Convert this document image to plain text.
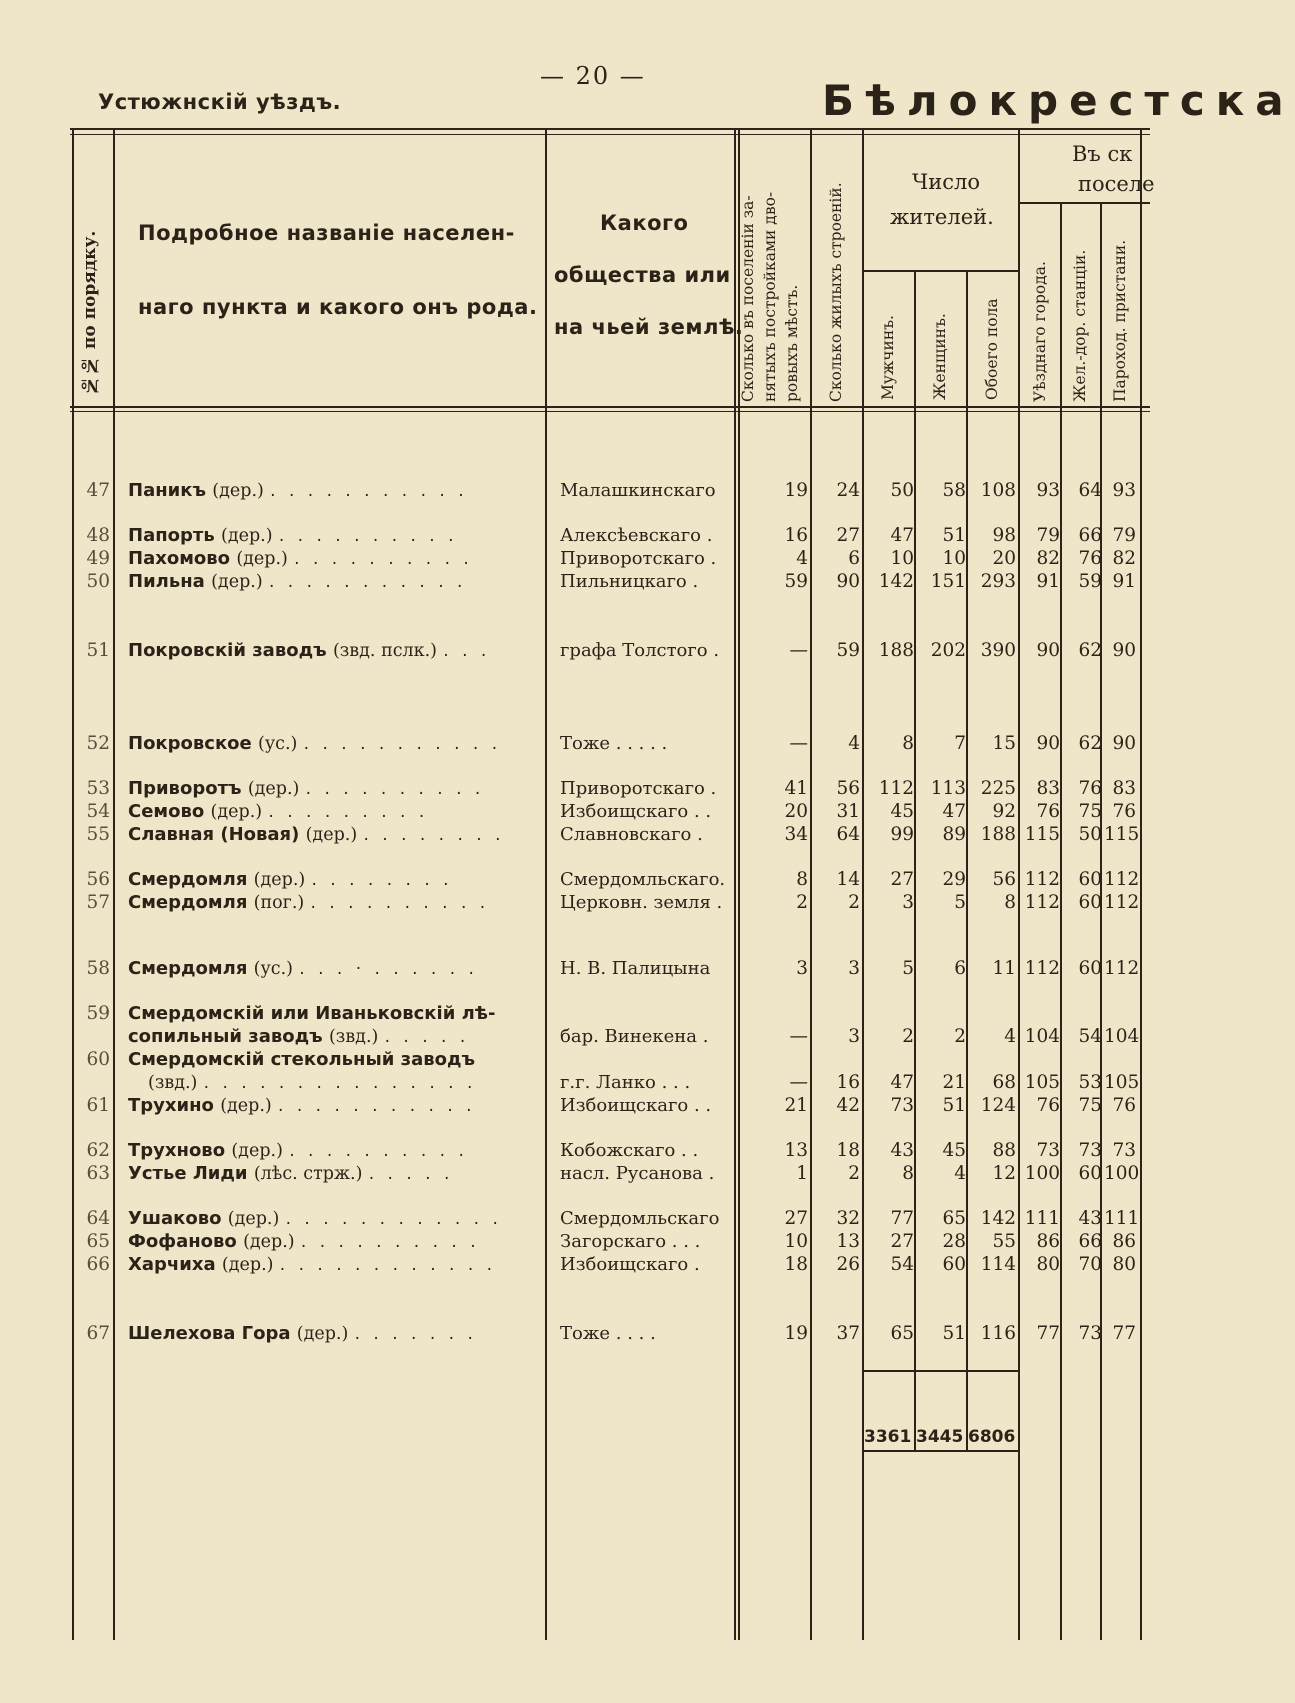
Устюжнскій уѣздъ.
— 20 —	Бѣлокрестска
№№ по порядку. Подробное названіе населен-
наго пункта и какого онъ рода.
Какого
общества или
на чьей землѣ.
Сколько въ поселеніи за- нятыхъ постройками дво- ровыхъ мѣстъ. Сколько жилыхъ строеній.
Число
жителей.
Мужчинъ. Женщинъ. Обоего пола
Въ ск
поселе
Уѣзднаго города. Жел.-дор. станціи. Пароход. пристани.
47 Паникъ (дер.) . . . . . . . . . . .	Малашкинскаго	19	24	50	58 108	93 64 93
48 Папорть (дер.) . . . . . . . . . .	Алексѣевскаго .	16	27	47	51	98	79 66 79
49 Пахомово (дер.) . . . . . . . . . .	Приворотскаго .	4	6	10	10	20	82 76 82
50 Пильна (дер.) . . . . . . . . . . .	Пильницкаго .	59	90	142 151 293	91 59 91
51 Покровскій заводъ (звд. пслк.) . . .	графа Толстого .	—	59	188 202 390	90 62 90
52 Покровское (ус.) . . . . . . . . . . .	Тоже . . . . .	—	4	8	7	15	90 62 90
53 Приворотъ (дер.) . . . . . . . . . .	Приворотскаго .	41	56	112 113 225	83 76 83
54 Семово (дер.) . . . . . . . . .	Избоищскаго . .	20	31	45	47	92	76 75 76
55 Славная (Новая) (дер.) . . . . . . . .	Славновскаго .	34	64	99	89 188 115 50 115
56 Смердомля (дер.) . . . . . . . .	Смердомльскаго.	8	14	27	29	56 112 60 112
57 Смердомля (пог.) . . . . . . . . . .	Церковн. земля .	2	2	3	5	8 112 60 112
58 Смердомля (ус.) . . . · . . . . . .	Н. В. Палицына	3	3	5	6	11 112 60 112
59 Смердомскій или Иваньковскій лѣ-
сопильный заводъ (звд.) . . . . .	бар. Винекена .	—	3	2	2	4 104 54 104
60 Смердомскій стекольный заводъ
(звд.) . . . . . . . . . . . . . . .	г.г. Ланко . . .	—	16	47	21	68 105 53 105
61 Трухино (дер.) . . . . . . . . . . .	Избоищскаго . .	21	42	73	51 124	76 75 76
62 Трухново (дер.) . . . . . . . . . .	Кобожскаго . .	13	18	43	45	88	73 73 73
63 Устье Лиди (лѣс. стрж.) . . . . .	насл. Русанова .	1	2	8	4	12 100 60 100
64 Ушаково (дер.) . . . . . . . . . . . .	Смердомльскаго	27	32	77	65 142 111 43 111
65 Фофаново (дер.) . . . . . . . . . .	Загорскаго . . .	10	13	27	28	55	86 66 86
66 Харчиха (дер.) . . . . . . . . . . . .	Избоищскаго .	18	26	54	60 114	80 70 80
67 Шелехова Гора (дер.) . . . . . . .	Тоже . . . .	19	37	65	51 116	77 73 77
3361 3445 6806
